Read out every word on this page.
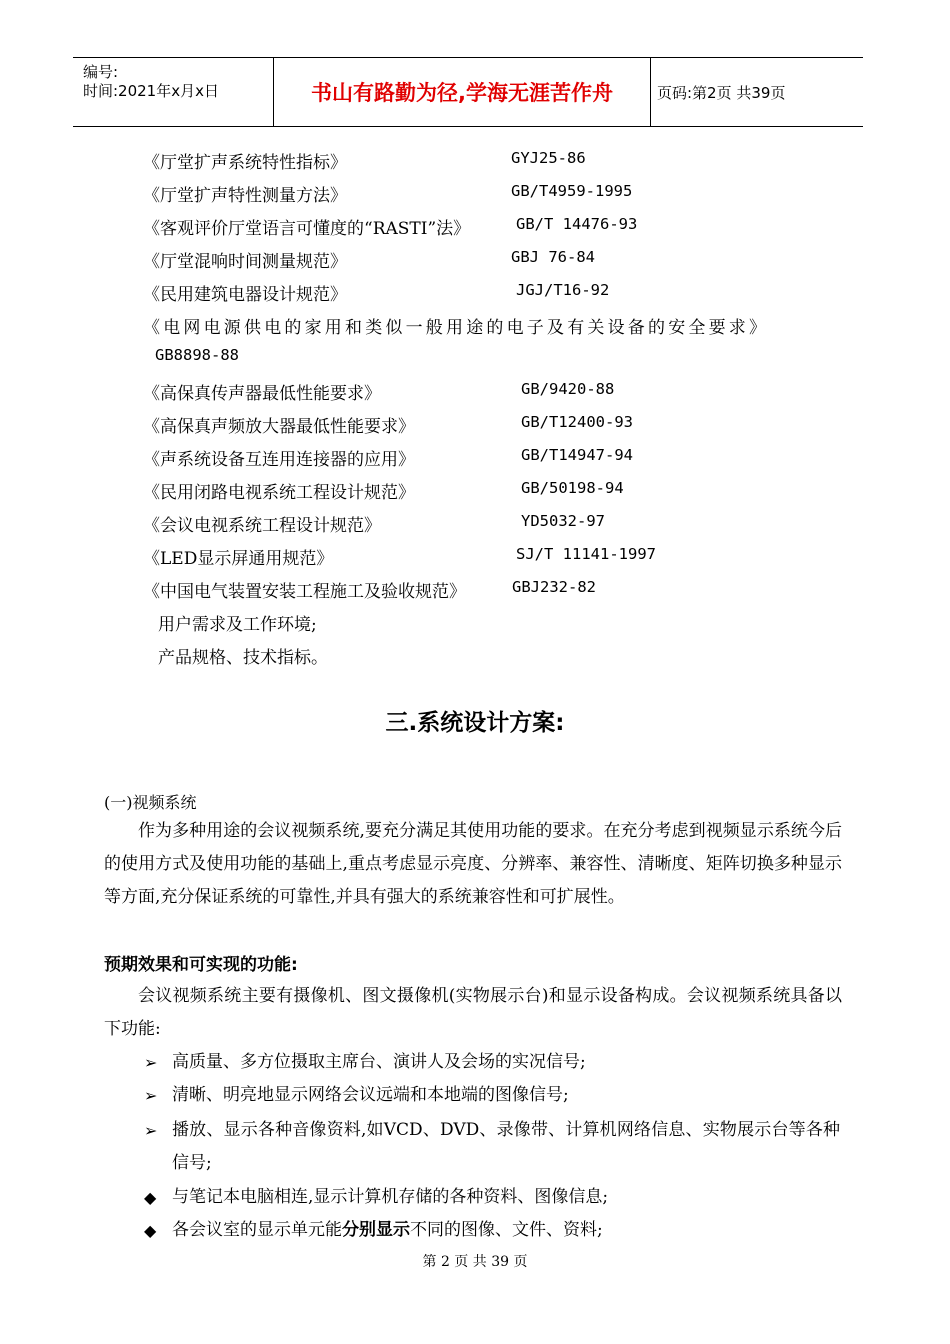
编号:
时间:2021年x月x日	书山有路勤为径,学海无涯苦作舟	页码:第2页 共39页
《厅堂扩声系统特性指标》	GYJ25-86
《厅堂扩声特性测量方法》	GB/T4959-1995
《客观评价厅堂语言可懂度的“RASTI”法》	GB/T 14476-93
《厅堂混响时间测量规范》	GBJ 76-84
《民用建筑电器设计规范》	JGJ/T16-92
《电网电源供电的家用和类似一般用途的电子及有关设备的安全要求》
GB8898-88
《高保真传声器最低性能要求》	GB/9420-88
《高保真声频放大器最低性能要求》	GB/T12400-93
《声系统设备互连用连接器的应用》	GB/T14947-94
《民用闭路电视系统工程设计规范》	GB/50198-94
《会议电视系统工程设计规范》	YD5032-97
《LED显示屏通用规范》	SJ/T 11141-1997
《中国电气装置安装工程施工及验收规范》	GBJ232-82
用户需求及工作环境;
产品规格、技术指标。
三.系统设计方案:
(一)视频系统
作为多种用途的会议视频系统,要充分满足其使用功能的要求。在充分考虑到视频显示系统今后的使用方式及使用功能的基础上,重点考虑显示亮度、分辨率、兼容性、清晰度、矩阵切换多种显示等方面,充分保证系统的可靠性,并具有强大的系统兼容性和可扩展性。
预期效果和可实现的功能:
会议视频系统主要有摄像机、图文摄像机(实物展示台)和显示设备构成。会议视频系统具备以下功能:
➢ 高质量、多方位摄取主席台、演讲人及会场的实况信号;
➢ 清晰、明亮地显示网络会议远端和本地端的图像信号;
➢ 播放、显示各种音像资料,如VCD、DVD、录像带、计算机网络信息、实物展示台等各种信号;
◆ 与笔记本电脑相连,显示计算机存储的各种资料、图像信息;
◆ 各会议室的显示单元能分别显示不同的图像、文件、资料;
第 2 页 共 39 页
